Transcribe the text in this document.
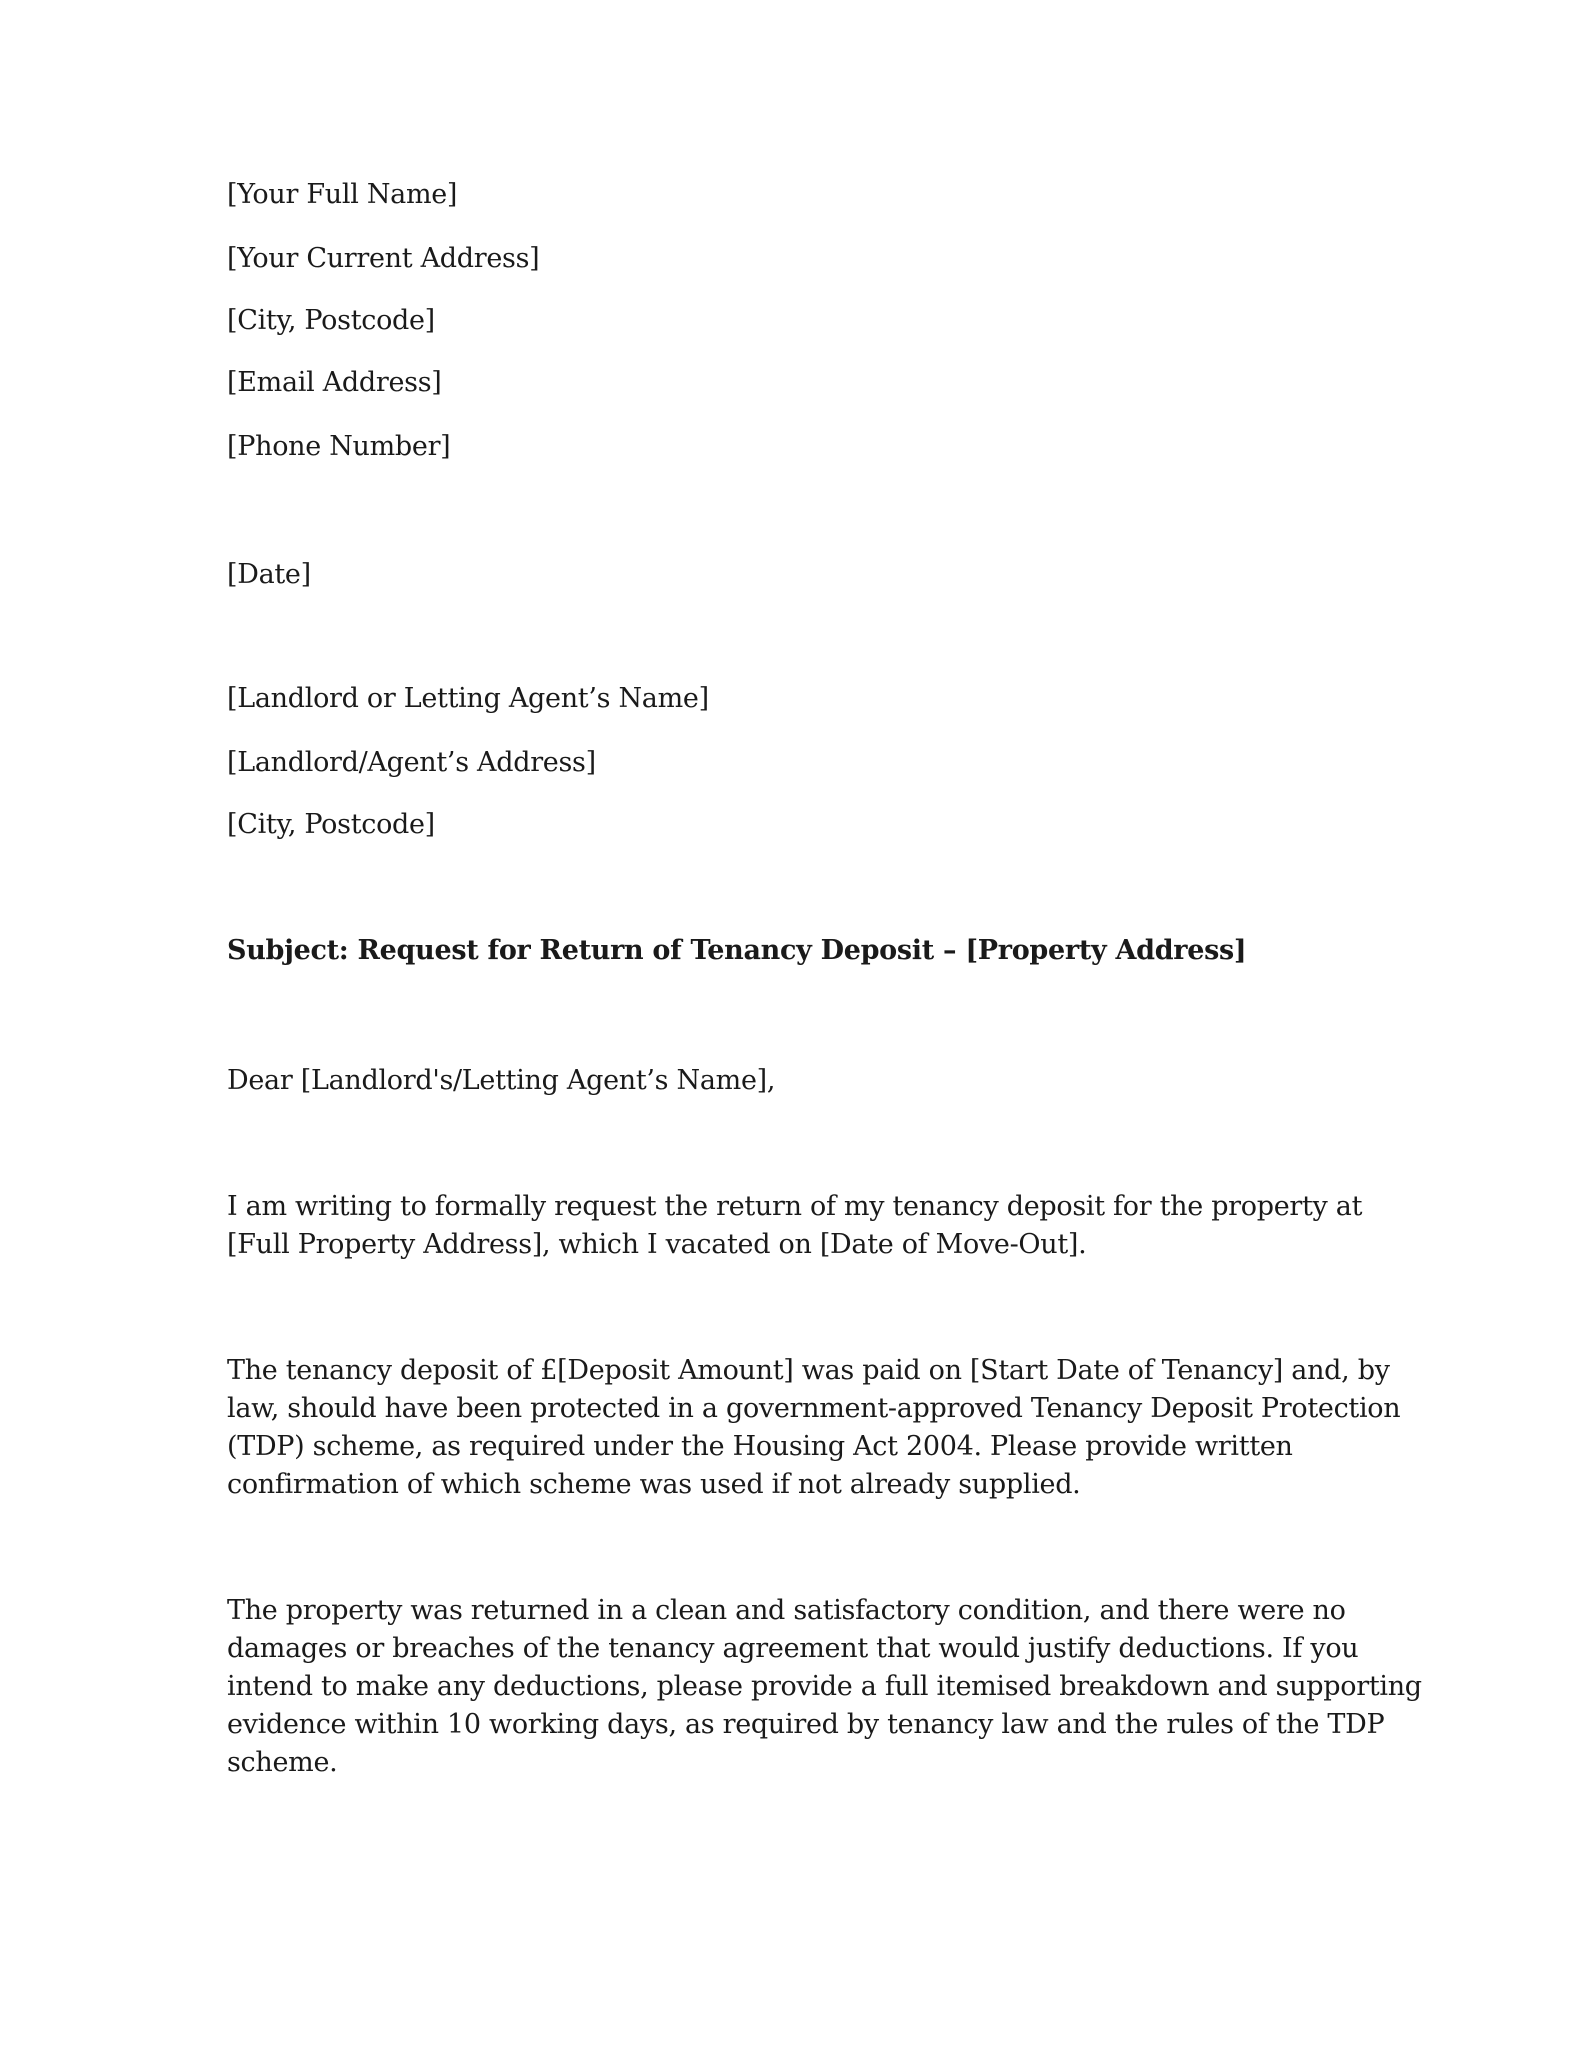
[Your Full Name]
[Your Current Address]
[City, Postcode]
[Email Address]
[Phone Number]
[Date]
[Landlord or Letting Agent’s Name]
[Landlord/Agent’s Address]
[City, Postcode]
Subject: Request for Return of Tenancy Deposit – [Property Address]
Dear [Landlord's/Letting Agent’s Name],
I am writing to formally request the return of my tenancy deposit for the property at
[Full Property Address], which I vacated on [Date of Move-Out].
The tenancy deposit of £[Deposit Amount] was paid on [Start Date of Tenancy] and, by
law, should have been protected in a government-approved Tenancy Deposit Protection
(TDP) scheme, as required under the Housing Act 2004. Please provide written
confirmation of which scheme was used if not already supplied.
The property was returned in a clean and satisfactory condition, and there were no
damages or breaches of the tenancy agreement that would justify deductions. If you
intend to make any deductions, please provide a full itemised breakdown and supporting
evidence within 10 working days, as required by tenancy law and the rules of the TDP
scheme.
